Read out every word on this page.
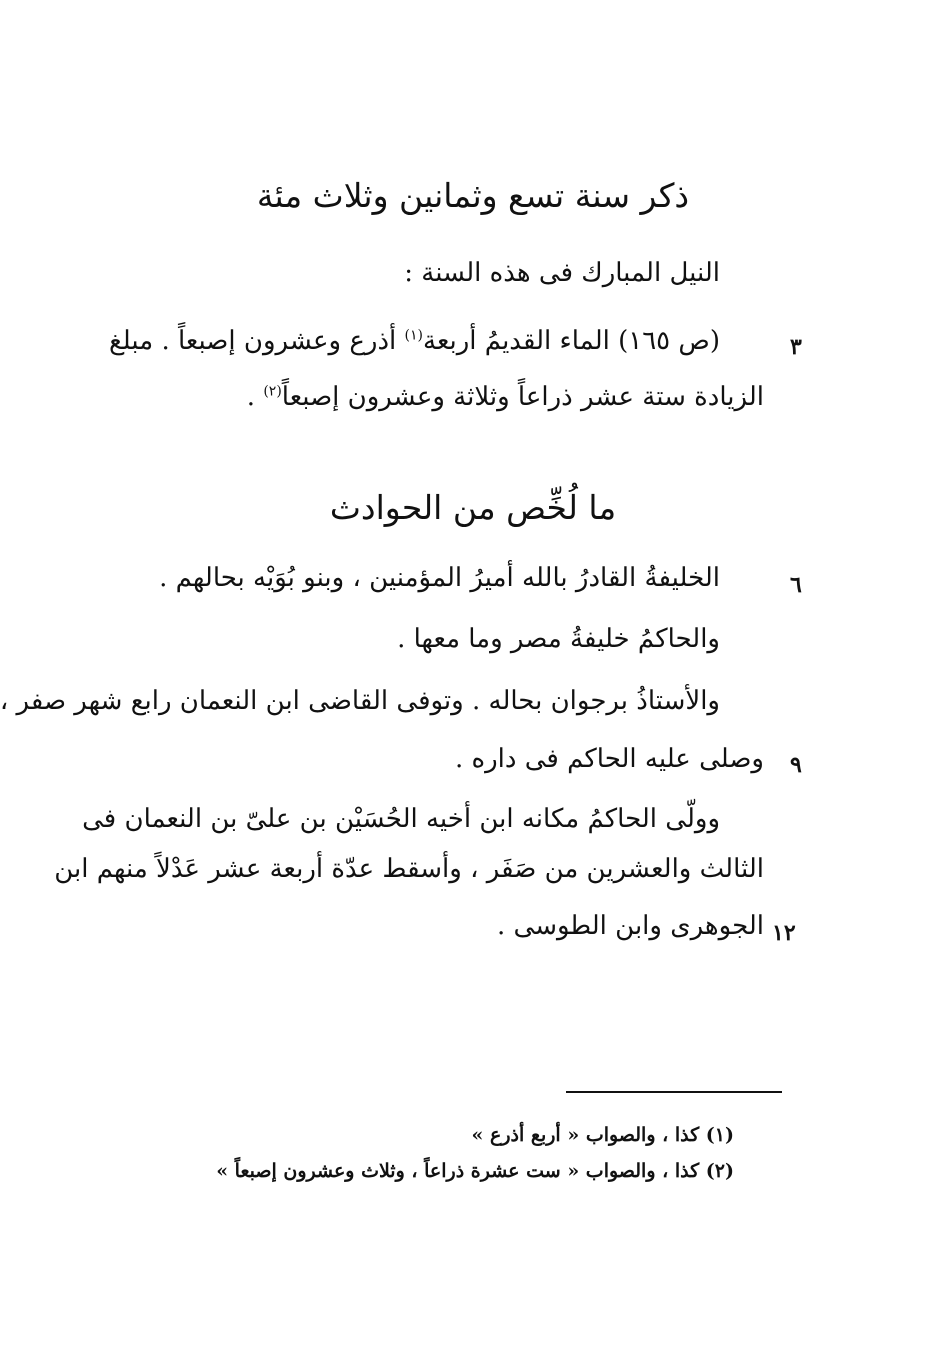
ذكر سنة تسع وثمانين وثلاث مئة
النيل المبارك فى هذه السنة :
٣
(ص ١٦٥) الماء القديمُ أربعة$^{(١)}$ أذرع وعشرون إصبعاً . مبلغ
الزيادة ستة عشر ذراعاً وثلاثة وعشرون إصبعاً$^{(٢)}$ .
ما لُخِّص من الحوادث
٦
الخليفةُ القادرُ بالله أميرُ المؤمنين ، وبنو بُوَيْه بحالهم .
والحاكمُ خليفةُ مصر وما معها .
والأستاذُ برجوان بحاله . وتوفى القاضى ابن النعمان رابع شهر صفر ،
٩
وصلى عليه الحاكم فى داره .
وولّى الحاكمُ مكانه ابن أخيه الحُسَيْن بن علىّ بن النعمان فى
الثالث والعشرين من صَفَر ، وأسقط عدّة أربعة عشر عَدْلاً منهم ابن
١٢
الجوهرى وابن الطوسى .
(١) كذا ، والصواب « أربع أذرع »
(٢) كذا ، والصواب « ست عشرة ذراعاً ، وثلاث وعشرون إصبعاً »
